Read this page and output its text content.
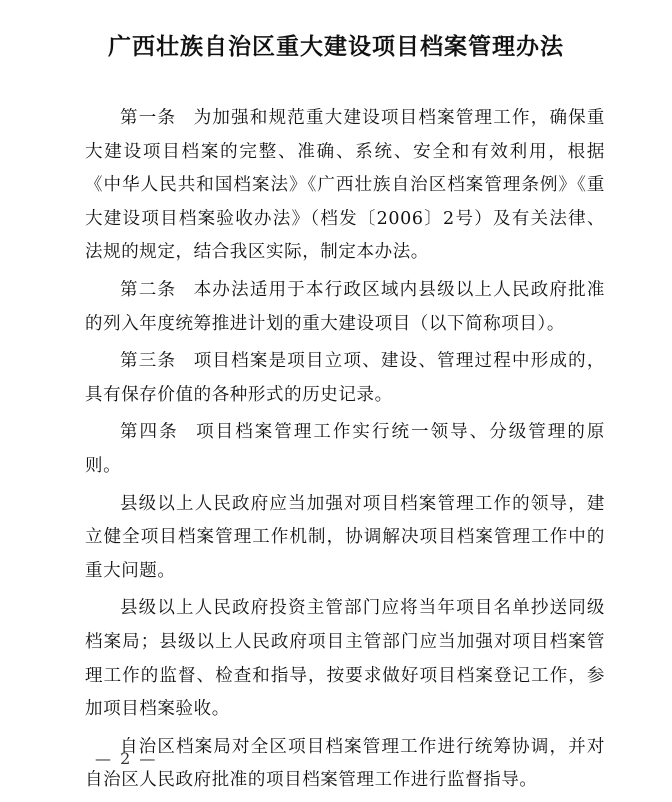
广西壮族自治区重大建设项目档案管理办法

第一条 为加强和规范重大建设项目档案管理工作，确保重大建设项目档案的完整、准确、系统、安全和有效利用，根据《中华人民共和国档案法》《广西壮族自治区档案管理条例》《重大建设项目档案验收办法》（档发〔2006〕2号）及有关法律、法规的规定，结合我区实际，制定本办法。

第二条 本办法适用于本行政区域内县级以上人民政府批准的列入年度统筹推进计划的重大建设项目（以下简称项目）。

第三条 项目档案是项目立项、建设、管理过程中形成的，具有保存价值的各种形式的历史记录。

第四条 项目档案管理工作实行统一领导、分级管理的原则。

县级以上人民政府应当加强对项目档案管理工作的领导，建立健全项目档案管理工作机制，协调解决项目档案管理工作中的重大问题。

县级以上人民政府投资主管部门应将当年项目名单抄送同级档案局；县级以上人民政府项目主管部门应当加强对项目档案管理工作的监督、检查和指导，按要求做好项目档案登记工作，参加项目档案验收。

自治区档案局对全区项目档案管理工作进行统筹协调，并对自治区人民政府批准的项目档案管理工作进行监督指导。

— 2 —
